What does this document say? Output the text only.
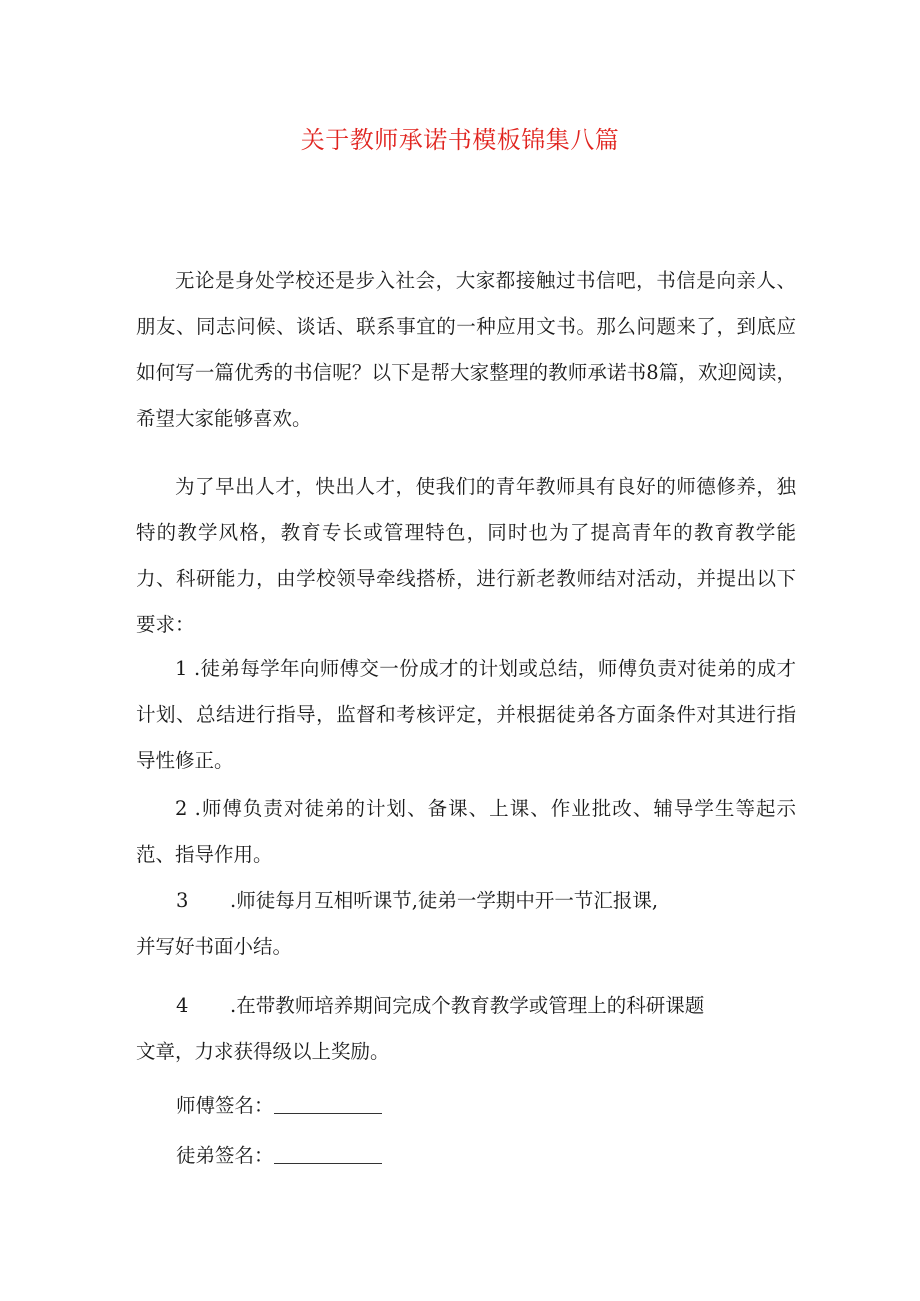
关于教师承诺书模板锦集八篇

无论是身处学校还是步入社会，大家都接触过书信吧，书信是向亲人、朋友、同志问候、谈话、联系事宜的一种应用文书。那么问题来了，到底应如何写一篇优秀的书信呢？以下是帮大家整理的教师承诺书8篇，欢迎阅读，希望大家能够喜欢。

为了早出人才，快出人才，使我们的青年教师具有良好的师德修养，独特的教学风格，教育专长或管理特色，同时也为了提高青年的教育教学能力、科研能力，由学校领导牵线搭桥，进行新老教师结对活动，并提出以下要求：

1 .徒弟每学年向师傅交一份成才的计划或总结，师傅负责对徒弟的成才计划、总结进行指导，监督和考核评定，并根据徒弟各方面条件对其进行指导性修正。

2 .师傅负责对徒弟的计划、备课、上课、作业批改、辅导学生等起示范、指导作用。

3 .师徒每月互相听课节,徒弟一学期中开一节汇报课,
并写好书面小结。
4 .在带教师培养期间完成个教育教学或管理上的科研课题
文章，力求获得级以上奖励。
师傅签名：
徒弟签名：
